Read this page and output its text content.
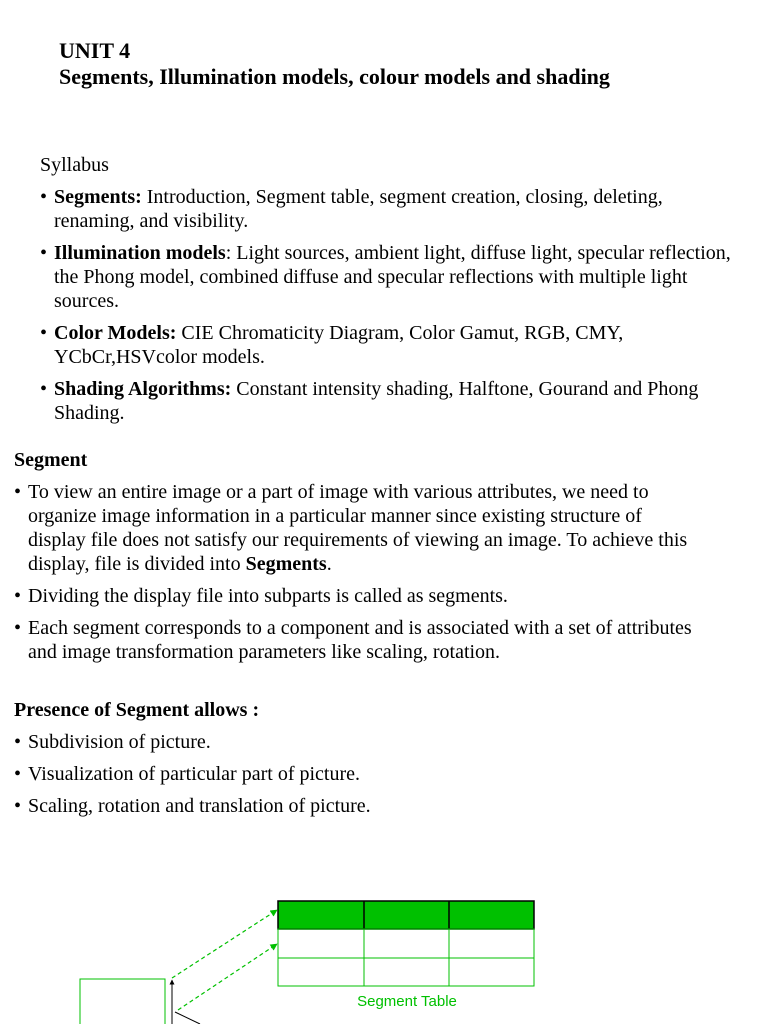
UNIT 4
Segments, Illumination models, colour models and shading
Syllabus
• Segments: Introduction, Segment table, segment creation, closing, deleting, renaming, and visibility.
• Illumination models: Light sources, ambient light, diffuse light, specular reflection, the Phong model, combined diffuse and specular reflections with multiple light sources.
• Color Models: CIE Chromaticity Diagram, Color Gamut, RGB, CMY, YCbCr,HSVcolor models.
• Shading Algorithms: Constant intensity shading, Halftone, Gourand and Phong Shading.
Segment
• To view an entire image or a part of image with various attributes, we need to organize image information in a particular manner since existing structure of display file does not satisfy our requirements of viewing an image. To achieve this display, file is divided into Segments.
• Dividing the display file into subparts is called as segments.
• Each segment corresponds to a component and is associated with a set of attributes and image transformation parameters like scaling, rotation.
Presence of Segment allows :
• Subdivision of picture.
• Visualization of particular part of picture.
• Scaling, rotation and translation of picture.
Segment Table
